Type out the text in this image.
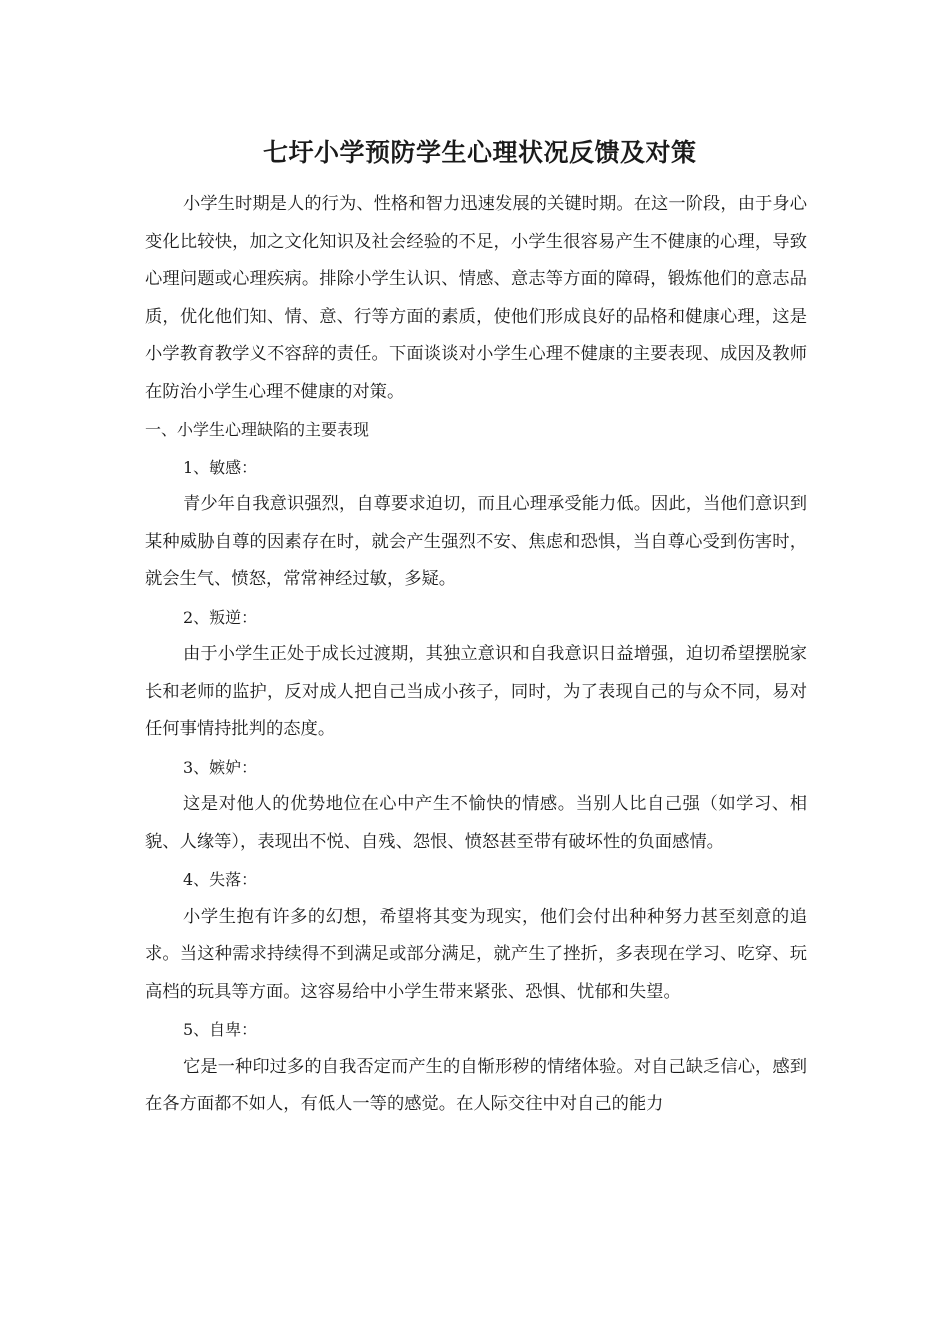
七圩小学预防学生心理状况反馈及对策

小学生时期是人的行为、性格和智力迅速发展的关键时期。在这一阶段，由于身心变化比较快，加之文化知识及社会经验的不足，小学生很容易产生不健康的心理，导致心理问题或心理疾病。排除小学生认识、情感、意志等方面的障碍，锻炼他们的意志品质，优化他们知、情、意、行等方面的素质，使他们形成良好的品格和健康心理，这是小学教育教学义不容辞的责任。下面谈谈对小学生心理不健康的主要表现、成因及教师在防治小学生心理不健康的对策。

一、小学生心理缺陷的主要表现

1、敏感：

青少年自我意识强烈，自尊要求迫切，而且心理承受能力低。因此，当他们意识到某种威胁自尊的因素存在时，就会产生强烈不安、焦虑和恐惧，当自尊心受到伤害时，就会生气、愤怒，常常神经过敏，多疑。

2、叛逆：

由于小学生正处于成长过渡期，其独立意识和自我意识日益增强，迫切希望摆脱家长和老师的监护，反对成人把自己当成小孩子，同时，为了表现自己的与众不同，易对任何事情持批判的态度。

3、嫉妒：

这是对他人的优势地位在心中产生不愉快的情感。当别人比自己强（如学习、相貌、人缘等），表现出不悦、自残、怨恨、愤怒甚至带有破坏性的负面感情。

4、失落：

小学生抱有许多的幻想，希望将其变为现实，他们会付出种种努力甚至刻意的追求。当这种需求持续得不到满足或部分满足，就产生了挫折，多表现在学习、吃穿、玩高档的玩具等方面。这容易给中小学生带来紧张、恐惧、忧郁和失望。

5、自卑：

它是一种印过多的自我否定而产生的自惭形秽的情绪体验。对自己缺乏信心，感到在各方面都不如人，有低人一等的感觉。在人际交往中对自己的能力
